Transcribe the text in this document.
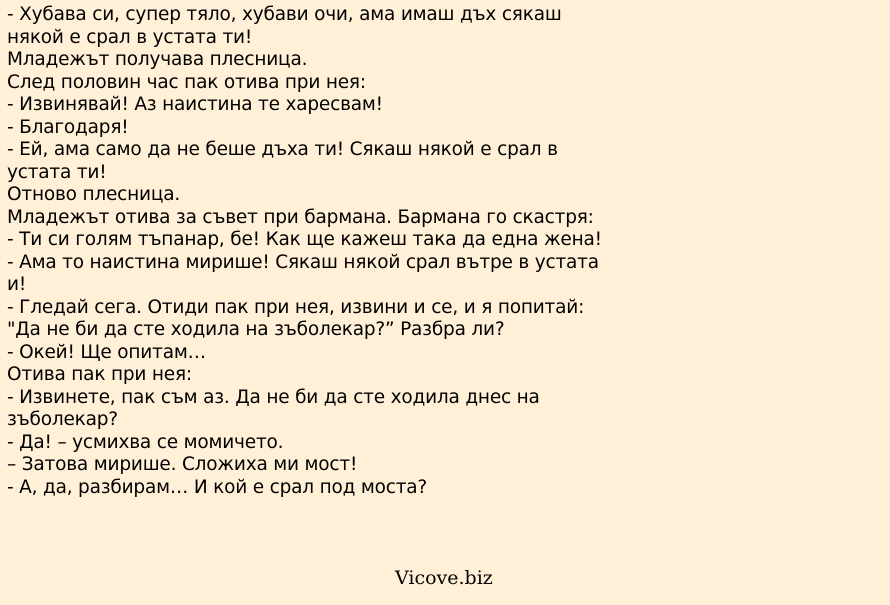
- Хубава си, супер тяло, хубави очи, ама имаш дъх сякаш
някой е срал в устата ти!
Младежът получава плесница.
След половин час пак отива при нея:
- Извинявай! Аз наистина те харесвам!
- Благодаря!
- Ей, ама само да не беше дъха ти! Сякаш някой е срал в
устата ти!
Отново плесница.
Младежът отива за съвет при бармана. Бармана го скастря:
- Ти си голям тъпанар, бе! Как ще кажеш така да една жена!
- Ама то наистина мирише! Сякаш някой срал вътре в устата
и!
- Гледай сега. Отиди пак при нея, извини и се, и я попитай:
"Да не би да сте ходила на зъболекар?” Разбра ли?
- Окей! Ще опитам…
Отива пак при нея:
- Извинете, пак съм аз. Да не би да сте ходила днес на
зъболекар?
- Да! – усмихва се момичето.
– Затова мирише. Сложиха ми мост!
- А, да, разбирам… И кой е срал под моста?
Vicove.biz
